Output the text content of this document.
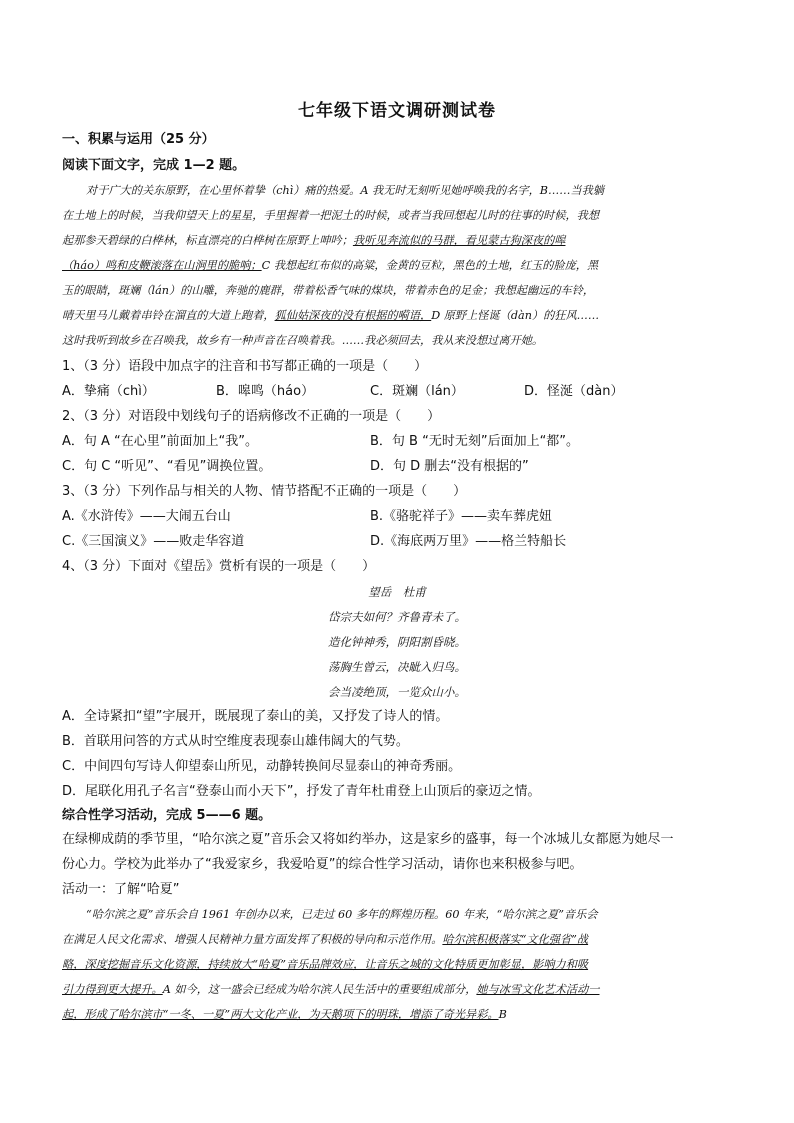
七年级下语文调研测试卷
一、积累与运用（25 分）
阅读下面文字，完成 1—2 题。
对于广大的关东原野，在心里怀着挚（chì）痛的热爱。A 我无时无刻听见她呼唤我的名字，B……当我躺
在土地上的时候，当我仰望天上的星星，手里握着一把泥土的时候，或者当我回想起儿时的往事的时候，我想
起那参天碧绿的白桦林，标直漂亮的白桦树在原野上呻吟；我听见奔流似的马群，看见蒙古狗深夜的嗥
（háo）鸣和皮鞭滚落在山涧里的脆响；C 我想起红布似的高粱，金黄的豆粒，黑色的土地，红玉的脸庞，黑
玉的眼睛，斑斓（lán）的山雕，奔驰的鹿群，带着松香气味的煤块，带着赤色的足金；我想起幽远的车铃，
晴天里马儿戴着串铃在溜直的大道上跑着，狐仙姑深夜的没有根据的嗬语，D 原野上怪诞（dàn）的狂风……
这时我听到故乡在召唤我，故乡有一种声音在召唤着我。……我必须回去，我从来没想过离开她。
1、（3 分）语段中加点字的注音和书写都正确的一项是（　　）
A．挚痛（chì）	B．嗥鸣（háo）	C．斑斓（lán）	D．怪涎（dàn）
2、（3 分）对语段中划线句子的语病修改不正确的一项是（　　）
A．句 A “在心里”前面加上“我”。	B．句 B “无时无刻”后面加上“都”。
C．句 C “听见”、“看见”调换位置。	D．句 D 删去“没有根据的”
3、（3 分）下列作品与相关的人物、情节搭配不正确的一项是（　　）
A.《水浒传》——大闹五台山	B.《骆驼祥子》——卖车葬虎妞
C.《三国演义》——败走华容道	D.《海底两万里》——格兰特船长
4、（3 分）下面对《望岳》赏析有误的一项是（　　）
望岳　杜甫
岱宗夫如何？齐鲁青未了。
造化钟神秀，阴阳割昏晓。
荡胸生曾云，决眦入归鸟。
会当凌绝顶，一览众山小。
A．全诗紧扣“望”字展开，既展现了泰山的美，又抒发了诗人的情。
B．首联用问答的方式从时空维度表现泰山雄伟阔大的气势。
C．中间四句写诗人仰望泰山所见，动静转换间尽显泰山的神奇秀丽。
D．尾联化用孔子名言“登泰山而小天下”，抒发了青年杜甫登上山顶后的豪迈之情。
综合性学习活动，完成 5——6 题。
在绿柳成荫的季节里，“哈尔滨之夏”音乐会又将如约举办，这是家乡的盛事，每一个冰城儿女都愿为她尽一
份心力。学校为此举办了“我爱家乡，我爱哈夏”的综合性学习活动，请你也来积极参与吧。
活动一：了解“哈夏”
“哈尔滨之夏”音乐会自 1961 年创办以来，已走过 60 多年的辉煌历程。60 年来，“哈尔滨之夏”音乐会
在满足人民文化需求、增强人民精神力量方面发挥了积极的导向和示范作用。哈尔滨积极落实“文化强省”战
略，深度挖掘音乐文化资源，持续放大“哈夏”音乐品牌效应，让音乐之城的文化特质更加彰显，影响力和吸
引力得到更大提升。A 如今，这一盛会已经成为哈尔滨人民生活中的重要组成部分，她与冰雪文化艺术活动一
起，形成了哈尔滨市“一冬、一夏”两大文化产业，为天鹅项下的明珠，增添了奇光异彩。B
